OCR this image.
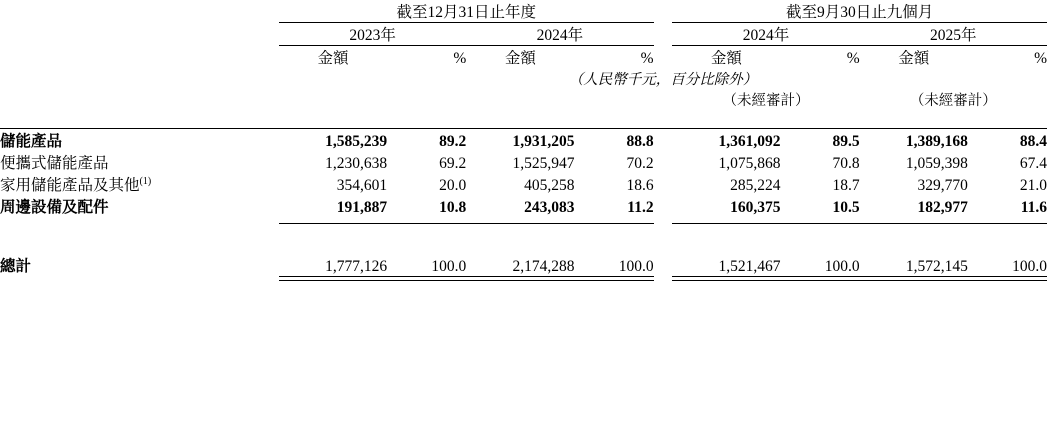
	截至12月31日止年度					截至9月30日止九個月			

	2023年		2024年			2024年		2025年	

	金額	%	金額	%		金額	%	金額	%
	（人民幣千元，百分比除外）								
						（未經審計）		（未經審計）	

儲能產品	1,585,239	89.2	1,931,205	88.8		1,361,092	89.5	1,389,168	88.4
便攜式儲能產品	1,230,638	69.2	1,525,947	70.2		1,075,868	70.8	1,059,398	67.4
家用儲能產品及其他$^{(1)}$	354,601	20.0	405,258	18.6		285,224	18.7	329,770	21.0
周邊設備及配件	191,887	10.8	243,083	11.2		160,375	10.5	182,977	11.6

總計	1,777,126	100.0	2,174,288	100.0		1,521,467	100.0	1,572,145	100.0
